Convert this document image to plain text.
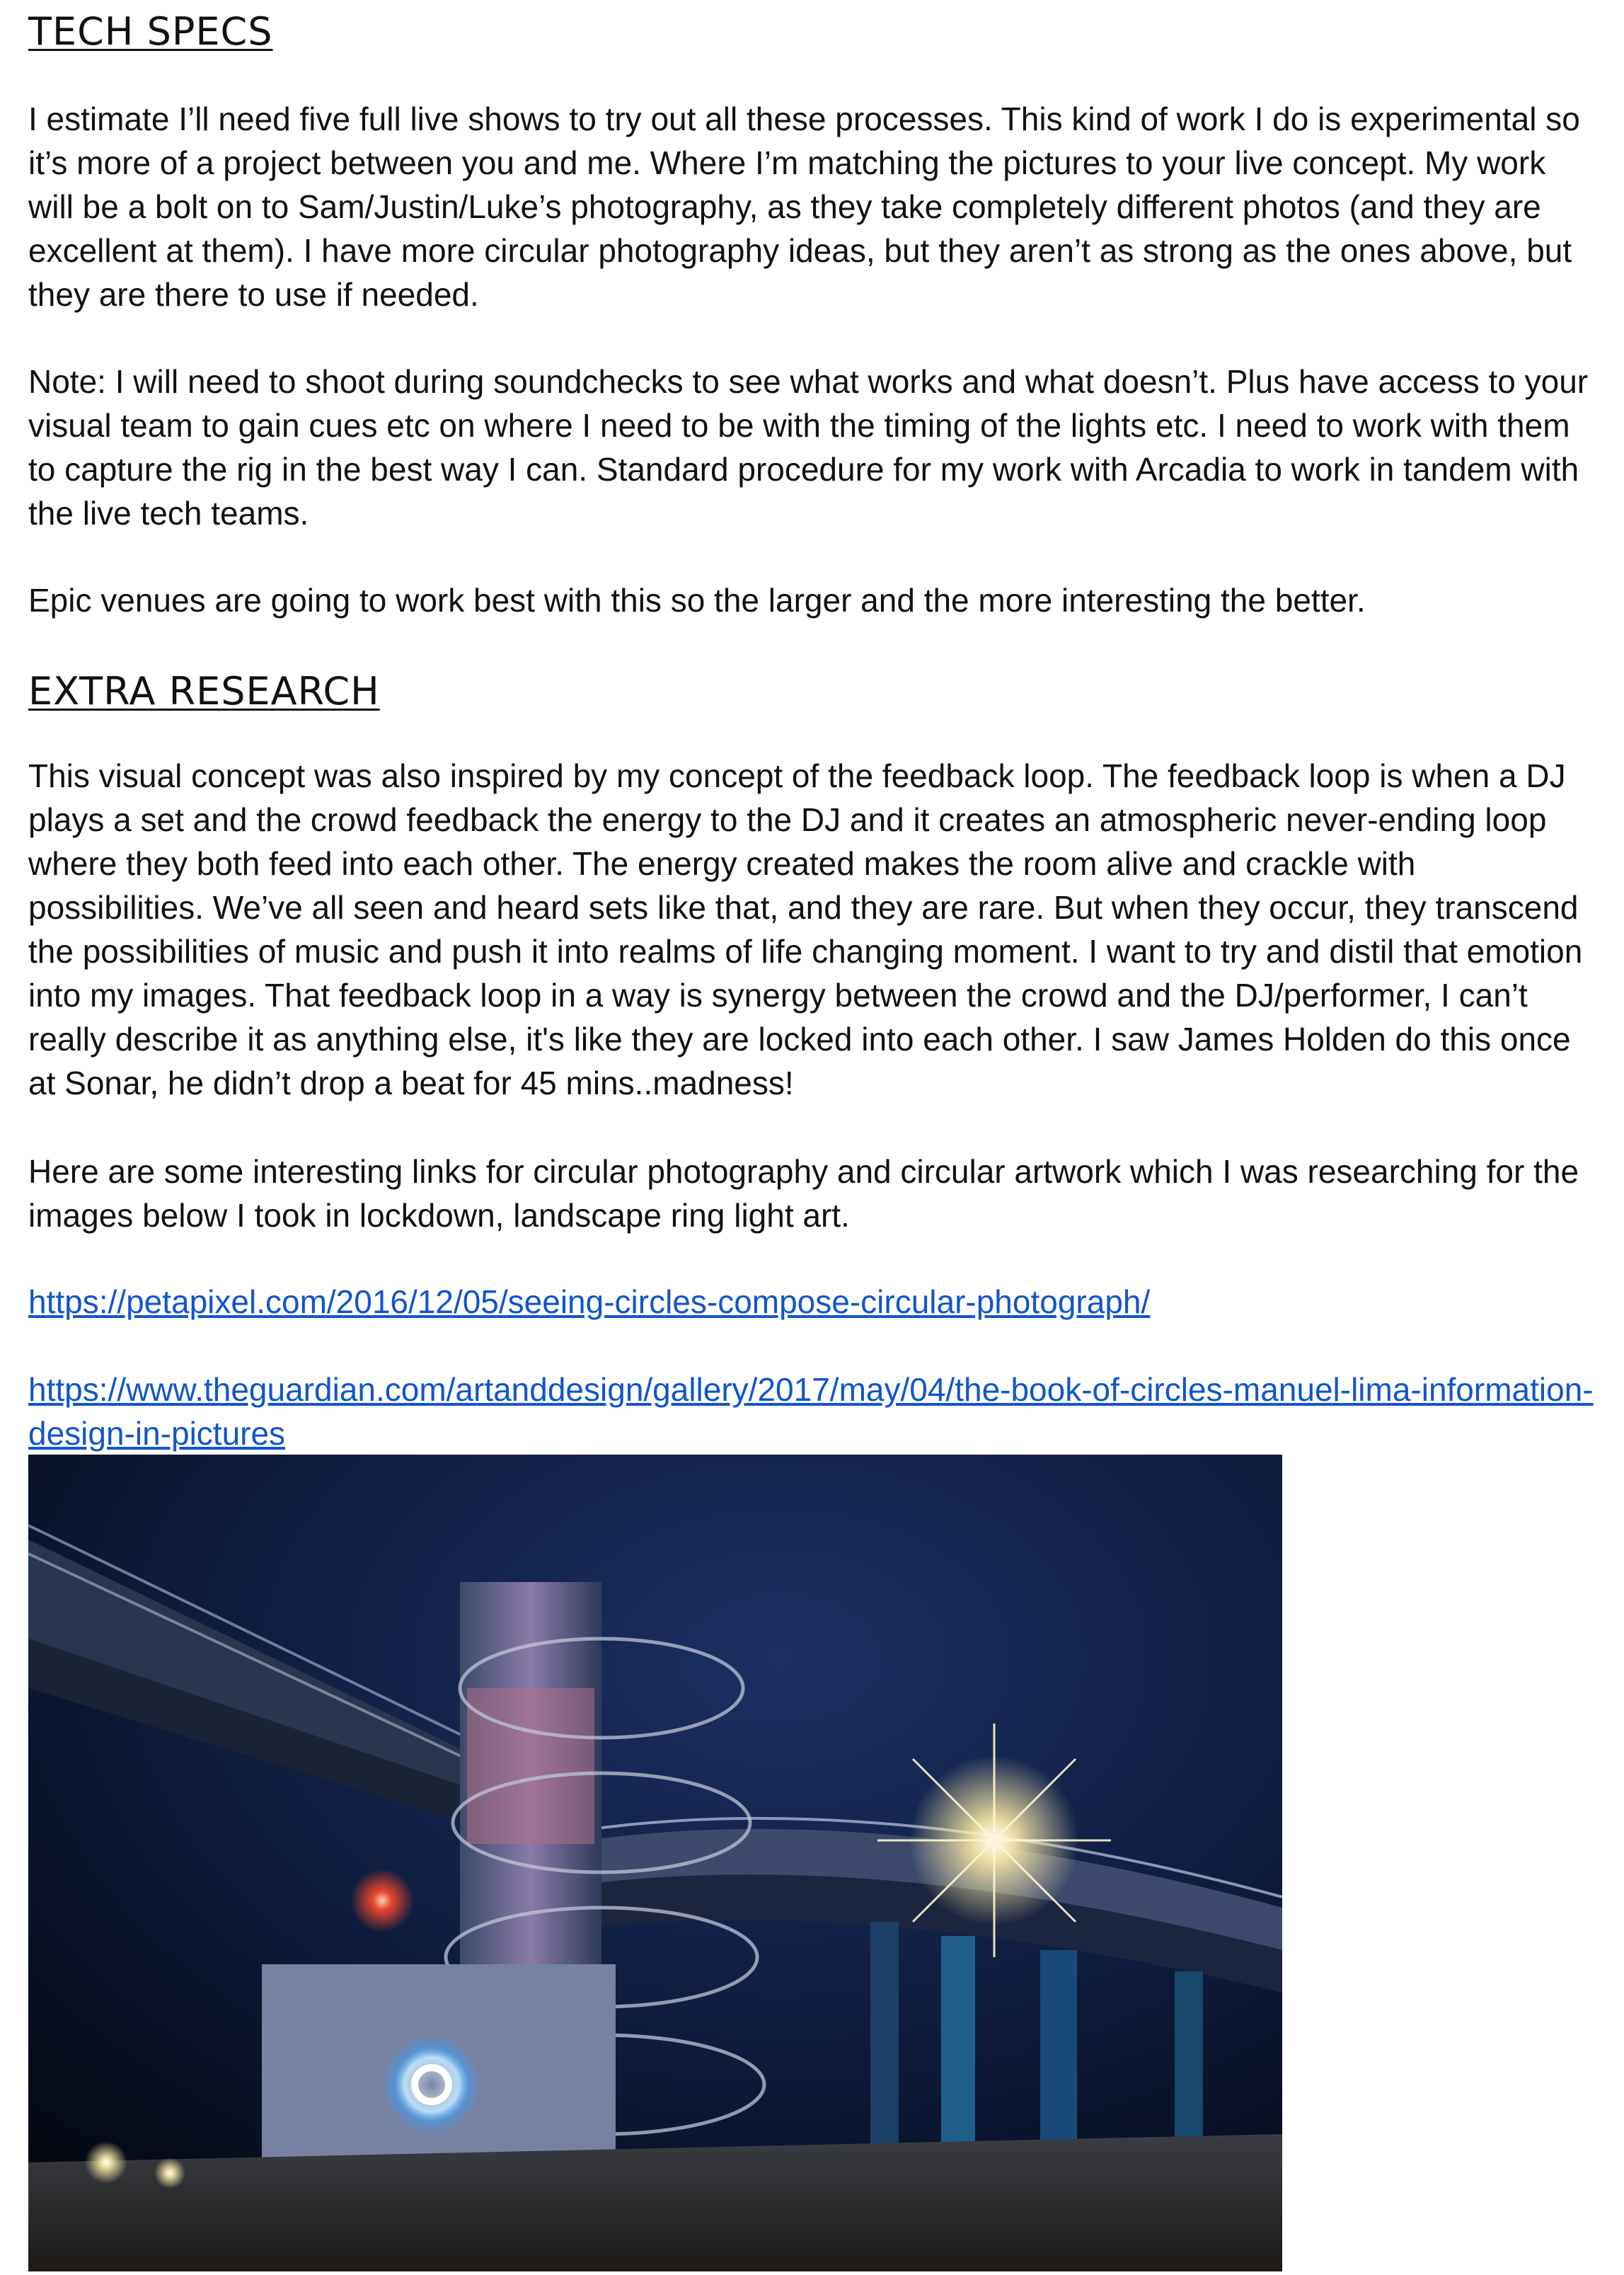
TECH SPECS

I estimate I’ll need five full live shows to try out all these processes. This kind of work I do is experimental so it’s more of a project between you and me. Where I’m matching the pictures to your live concept. My work will be a bolt on to Sam/Justin/Luke’s photography, as they take completely different photos (and they are excellent at them). I have more circular photography ideas, but they aren’t as strong as the ones above, but they are there to use if needed.

Note: I will need to shoot during soundchecks to see what works and what doesn’t. Plus have access to your visual team to gain cues etc on where I need to be with the timing of the lights etc. I need to work with them to capture the rig in the best way I can. Standard procedure for my work with Arcadia to work in tandem with the live tech teams.

Epic venues are going to work best with this so the larger and the more interesting the better.

EXTRA RESEARCH

This visual concept was also inspired by my concept of the feedback loop. The feedback loop is when a DJ plays a set and the crowd feedback the energy to the DJ and it creates an atmospheric never-ending loop where they both feed into each other. The energy created makes the room alive and crackle with possibilities. We’ve all seen and heard sets like that, and they are rare. But when they occur, they transcend the possibilities of music and push it into realms of life changing moment. I want to try and distil that emotion into my images. That feedback loop in a way is synergy between the crowd and the DJ/performer, I can’t really describe it as anything else, it's like they are locked into each other. I saw James Holden do this once at Sonar, he didn’t drop a beat for 45 mins..madness!

Here are some interesting links for circular photography and circular artwork which I was researching for the images below I took in lockdown, landscape ring light art.

https://petapixel.com/2016/12/05/seeing-circles-compose-circular-photograph/
https://www.theguardian.com/artanddesign/gallery/2017/may/04/the-book-of-circles-manuel-lima-information-design-in-pictures
